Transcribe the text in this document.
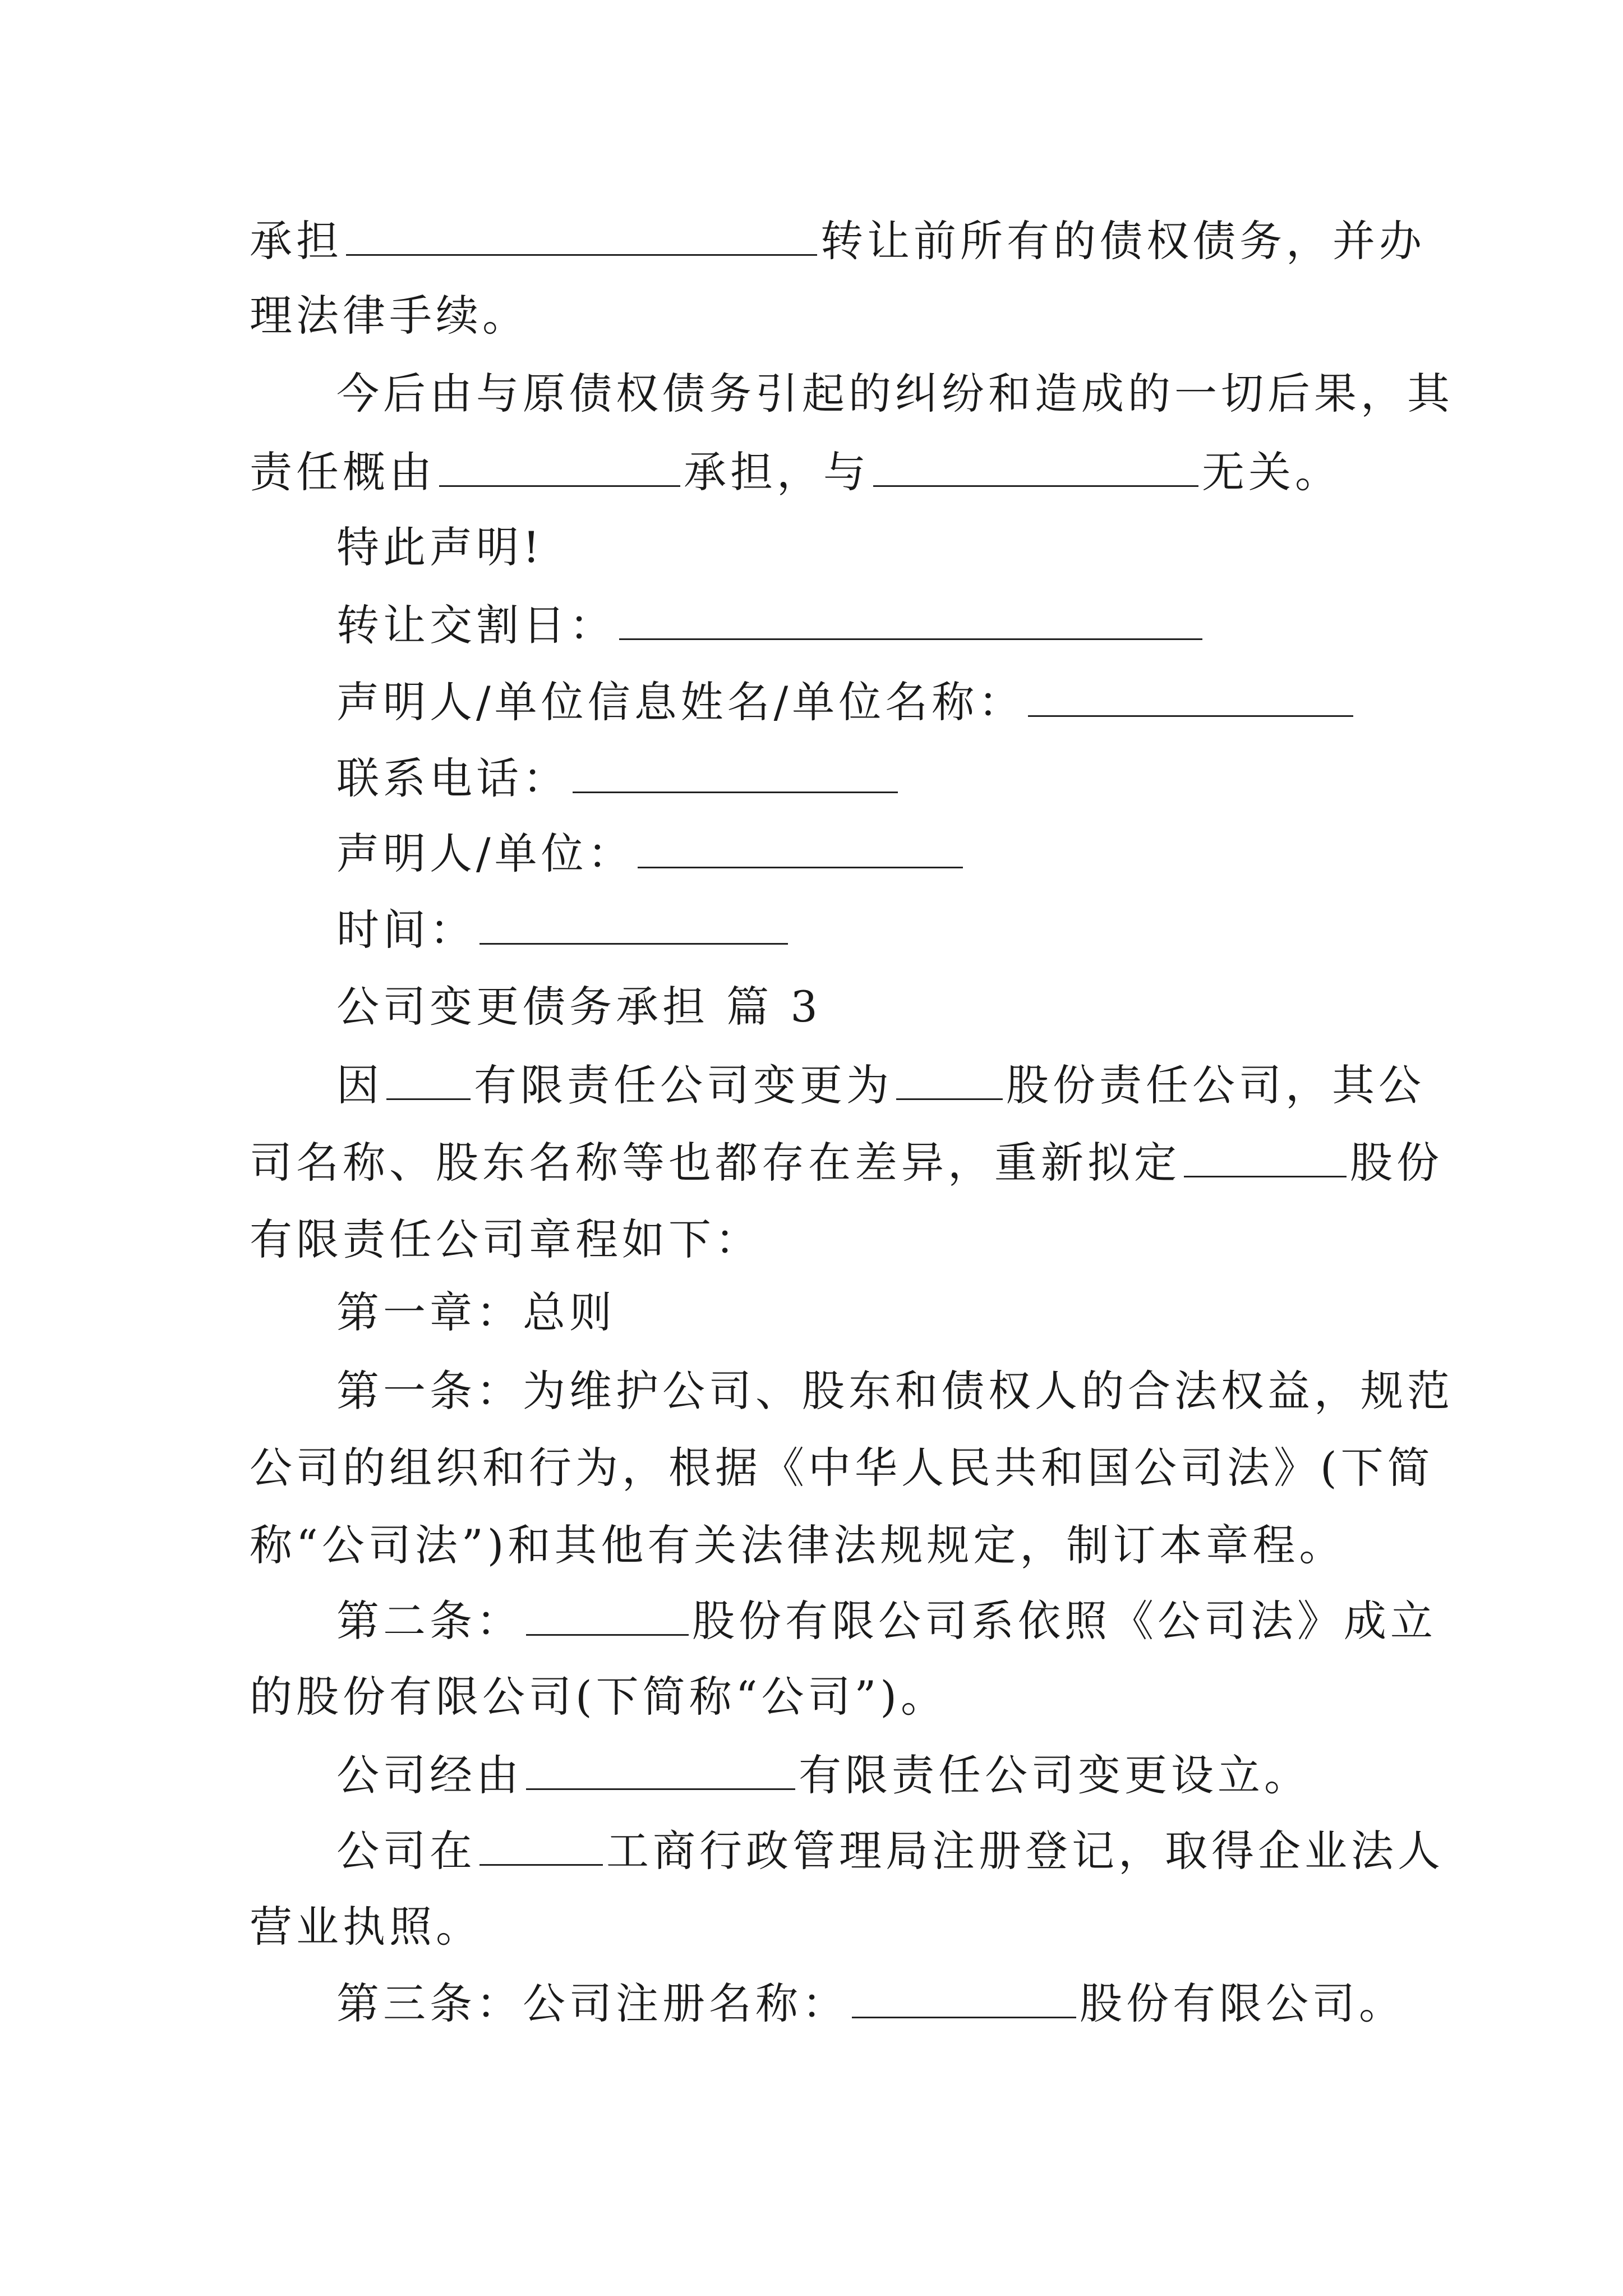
承担	转让前所有的债权债务，并办
理法律手续。
今后由与原债权债务引起的纠纷和造成的一切后果，其
责任概由	承担，与	无关。
特此声明!
转让交割日：
声明人/单位信息姓名/单位名称：
联系电话：
声明人/单位：
时间：
公司变更债务承担 篇 3
因 有限责任公司变更为	股份责任公司，其公
司名称、股东名称等也都存在差异，重新拟定	股份
有限责任公司章程如下：
第一章：总则
第一条：为维护公司、股东和债权人的合法权益，规范
公司的组织和行为，根据《中华人民共和国公司法》(下简
称“公司法”)和其他有关法律法规规定，制订本章程。
第二条：	股份有限公司系依照《公司法》成立
的股份有限公司(下简称“公司”)。
公司经由	有限责任公司变更设立。
公司在	工商行政管理局注册登记，取得企业法人
营业执照。
第三条：公司注册名称：	股份有限公司。
